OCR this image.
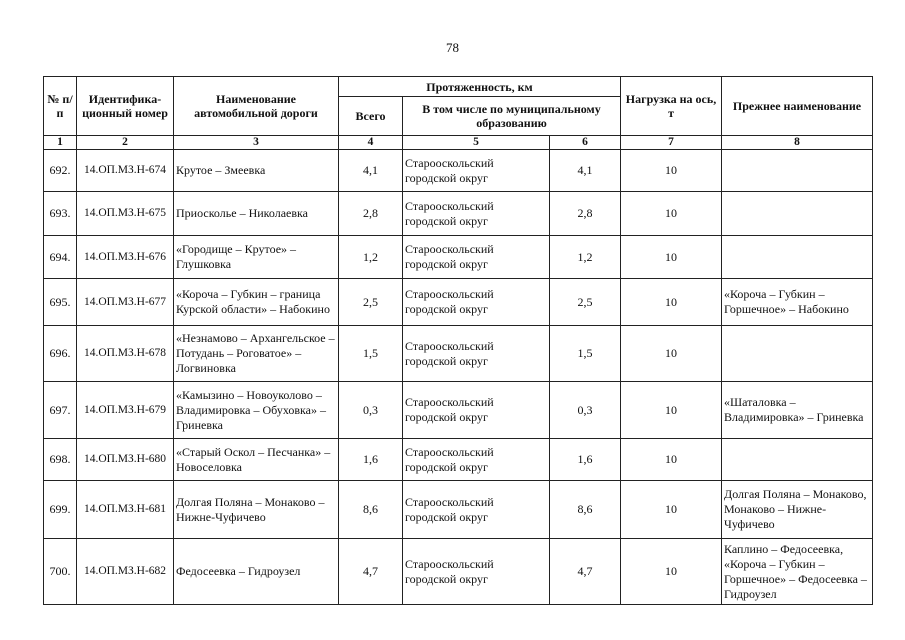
78
№ п/п	Идентифика-ционный номер	Наименование автомобильной дороги	Протяженность, км			Нагрузка на ось, т	Прежнее наименование
			Всего	В том числе по муниципальному образованию			
1	2	3	4	5	6	7	8
692.	14.ОП.МЗ.Н-674	Крутое – Змеевка	4,1	Старооскольский городской округ	4,1	10	
693.	14.ОП.МЗ.Н-675	Приосколье – Николаевка	2,8	Старооскольский городской округ	2,8	10	
694.	14.ОП.МЗ.Н-676	«Городище – Крутое» – Глушковка	1,2	Старооскольский городской округ	1,2	10	
695.	14.ОП.МЗ.Н-677	«Короча – Губкин – граница Курской области» – Набокино	2,5	Старооскольский городской округ	2,5	10	«Короча – Губкин – Горшечное» – Набокино
696.	14.ОП.МЗ.Н-678	«Незнамово – Архангельское – Потудань – Роговатое» – Логвиновка	1,5	Старооскольский городской округ	1,5	10	
697.	14.ОП.МЗ.Н-679	«Камызино – Новоуколово – Владимировка – Обуховка» – Гриневка	0,3	Старооскольский городской округ	0,3	10	«Шаталовка – Владимировка» – Гриневка
698.	14.ОП.МЗ.Н-680	«Старый Оскол – Песчанка» – Новоселовка	1,6	Старооскольский городской округ	1,6	10	
699.	14.ОП.МЗ.Н-681	Долгая Поляна – Монаково – Нижне-Чуфичево	8,6	Старооскольский городской округ	8,6	10	Долгая Поляна – Монаково, Монаково – Нижне-Чуфичево
700.	14.ОП.МЗ.Н-682	Федосеевка – Гидроузел	4,7	Старооскольский городской округ	4,7	10	Каплино – Федосеевка, «Короча – Губкин – Горшечное» – Федосеевка – Гидроузел
